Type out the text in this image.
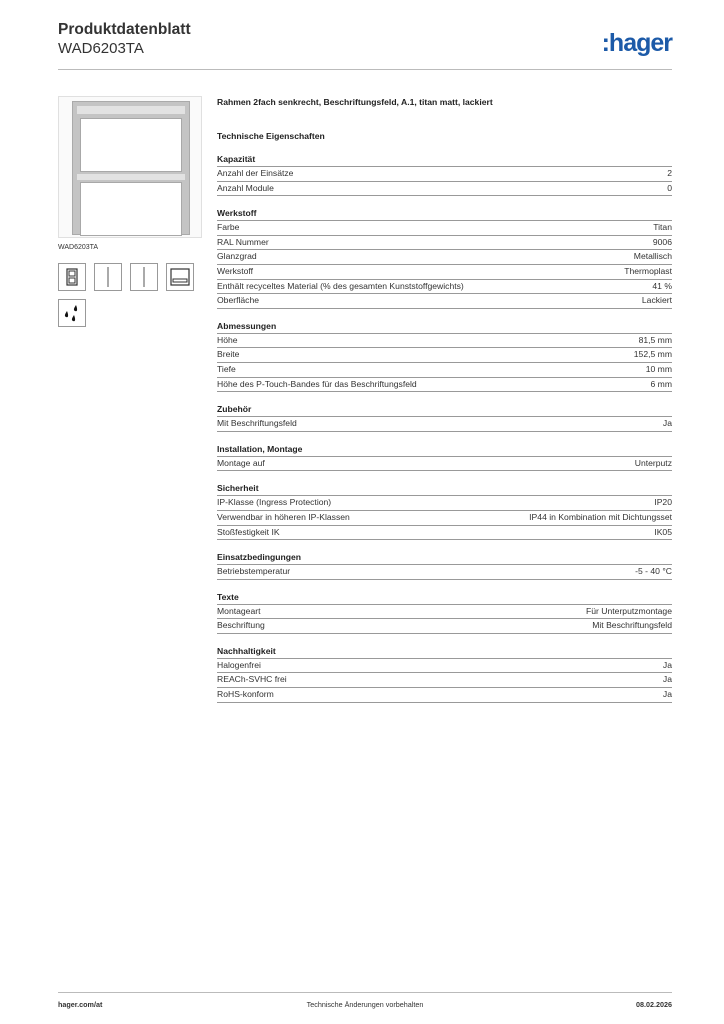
Produktdatenblatt
WAD6203TA	:hager
WAD6203TA
Rahmen 2fach senkrecht, Beschriftungsfeld, A.1, titan matt, lackiert
Technische Eigenschaften
Kapazität
Anzahl der Einsätze	2
Anzahl Module	0
Werkstoff
Farbe	Titan
RAL Nummer	9006
Glanzgrad	Metallisch
Werkstoff	Thermoplast
Enthält recyceltes Material (% des gesamten Kunststoffgewichts)	41 %
Oberfläche	Lackiert
Abmessungen
Höhe	81,5 mm
Breite	152,5 mm
Tiefe	10 mm
Höhe des P-Touch-Bandes für das Beschriftungsfeld	6 mm
Zubehör
Mit Beschriftungsfeld	Ja
Installation, Montage
Montage auf	Unterputz
Sicherheit
IP-Klasse (Ingress Protection)	IP20
Verwendbar in höheren IP-Klassen	IP44 in Kombination mit Dichtungsset
Stoßfestigkeit IK	IK05
Einsatzbedingungen
Betriebstemperatur	-5 - 40 °C
Texte
Montageart	Für Unterputzmontage
Beschriftung	Mit Beschriftungsfeld
Nachhaltigkeit
Halogenfrei	Ja
REACh-SVHC frei	Ja
RoHS-konform	Ja
hager.com/at	Technische Änderungen vorbehalten	08.02.2026
